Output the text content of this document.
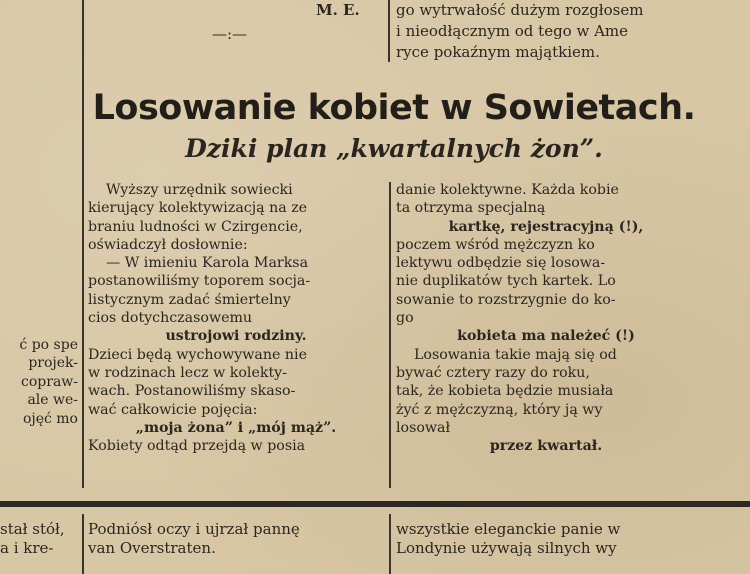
M. E.
—:—
go wytrwałość dużym rozgłosem
i nieodłącznym od tego w Ame
ryce pokaźnym majątkiem.
Losowanie kobiet w Sowietach.
Dziki plan „kwartalnych żon”.
Wyższy urzędnik sowiecki
kierujący kolektywizacją na ze
braniu ludności w Czirgencie,
oświadczył dosłownie:
— W imieniu Karola Marksa
postanowiliśmy toporem socja-
listycznym zadać śmiertelny
cios dotychczasowemu
ustrojowi rodziny.
Dzieci będą wychowywane nie
w rodzinach lecz w kolekty-
wach. Postanowiliśmy skaso-
wać całkowicie pojęcia:
„moja żona” i „mój mąż”.
Kobiety odtąd przejdą w posia
danie kolektywne. Każda kobie
ta otrzyma specjalną
kartkę, rejestracyjną (!),
poczem wśród mężczyzn ko
lektywu odbędzie się losowa-
nie duplikatów tych kartek. Lo
sowanie to rozstrzygnie do ko-
go
kobieta ma należeć (!)
Losowania takie mają się od
bywać cztery razy do roku,
tak, że kobieta będzie musiała
żyć z mężczyzną, który ją wy
losował
przez kwartał.
ć po spe
projek-
copraw-
ale we-
ojęć mo
stał stół,
a i kre-
Podniósł oczy i ujrzał pannę
van Overstraten.
wszystkie eleganckie panie w
Londynie używają silnych wy
